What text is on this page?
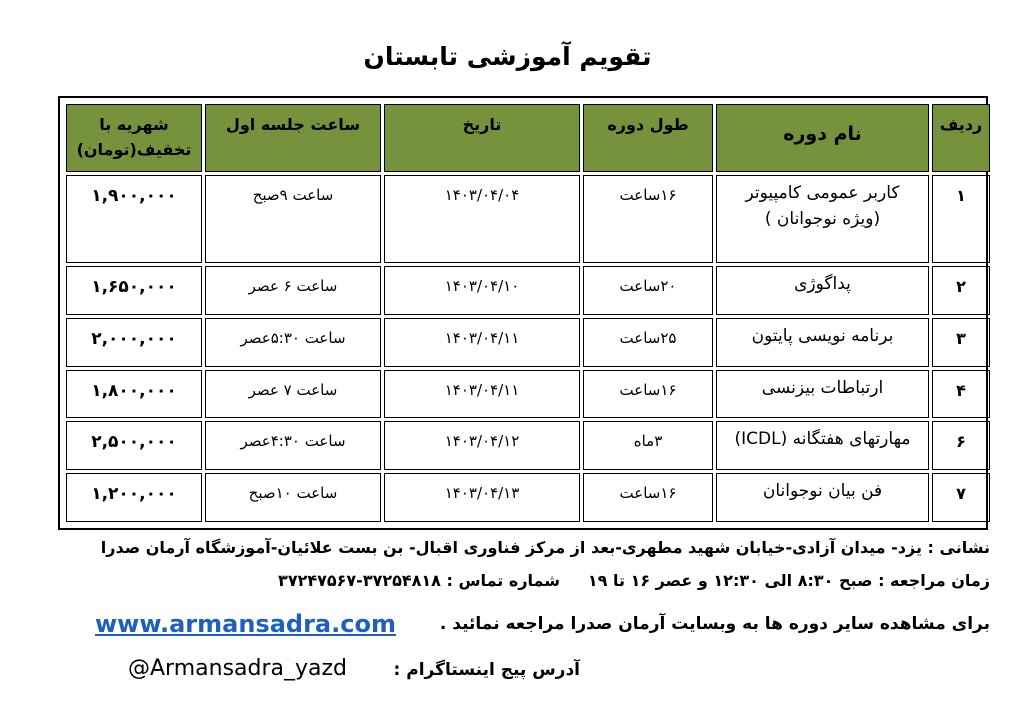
تقویم آموزشی تابستان
ردیف	نام دوره	طول دوره	تاریخ	ساعت جلسه اول	شهریه با
تخفیف(تومان)

۱	کاربر عمومی کامپیوتر
(ویژه نوجوانان )	۱۶ساعت	۱۴۰۳/۰۴/۰۴	ساعت ۹صبح	۱,۹۰۰,۰۰۰
۲	پداگوژی	۲۰ساعت	۱۴۰۳/۰۴/۱۰	ساعت ۶ عصر	۱,۶۵۰,۰۰۰
۳	برنامه نویسی پایتون	۲۵ساعت	۱۴۰۳/۰۴/۱۱	ساعت ۵:۳۰عصر	۲,۰۰۰,۰۰۰
۴	ارتباطات بیزنسی	۱۶ساعت	۱۴۰۳/۰۴/۱۱	ساعت ۷ عصر	۱,۸۰۰,۰۰۰
۶	مهارتهای هفتگانه (ICDL)	۳ماه	۱۴۰۳/۰۴/۱۲	ساعت ۴:۳۰عصر	۲,۵۰۰,۰۰۰
۷	فن بیان نوجوانان	۱۶ساعت	۱۴۰۳/۰۴/۱۳	ساعت ۱۰صبح	۱,۲۰۰,۰۰۰
نشانی : یزد- میدان آزادی-خیابان شهید مطهری-بعد از مرکز فناوری اقبال- بن بست علائیان-آموزشگاه آرمان صدرا
زمان مراجعه : صبح ۸:۳۰ الی ۱۲:۳۰ و عصر ۱۶ تا ۱۹
شماره تماس : ۳۷۲۵۴۸۱۸-۳۷۲۴۷۵۶۷
برای مشاهده سایر دوره ها به وبسایت آرمان صدرا مراجعه نمائید .
www.armansadra.com
آدرس پیج اینستاگرام :
@Armansadra_yazd
